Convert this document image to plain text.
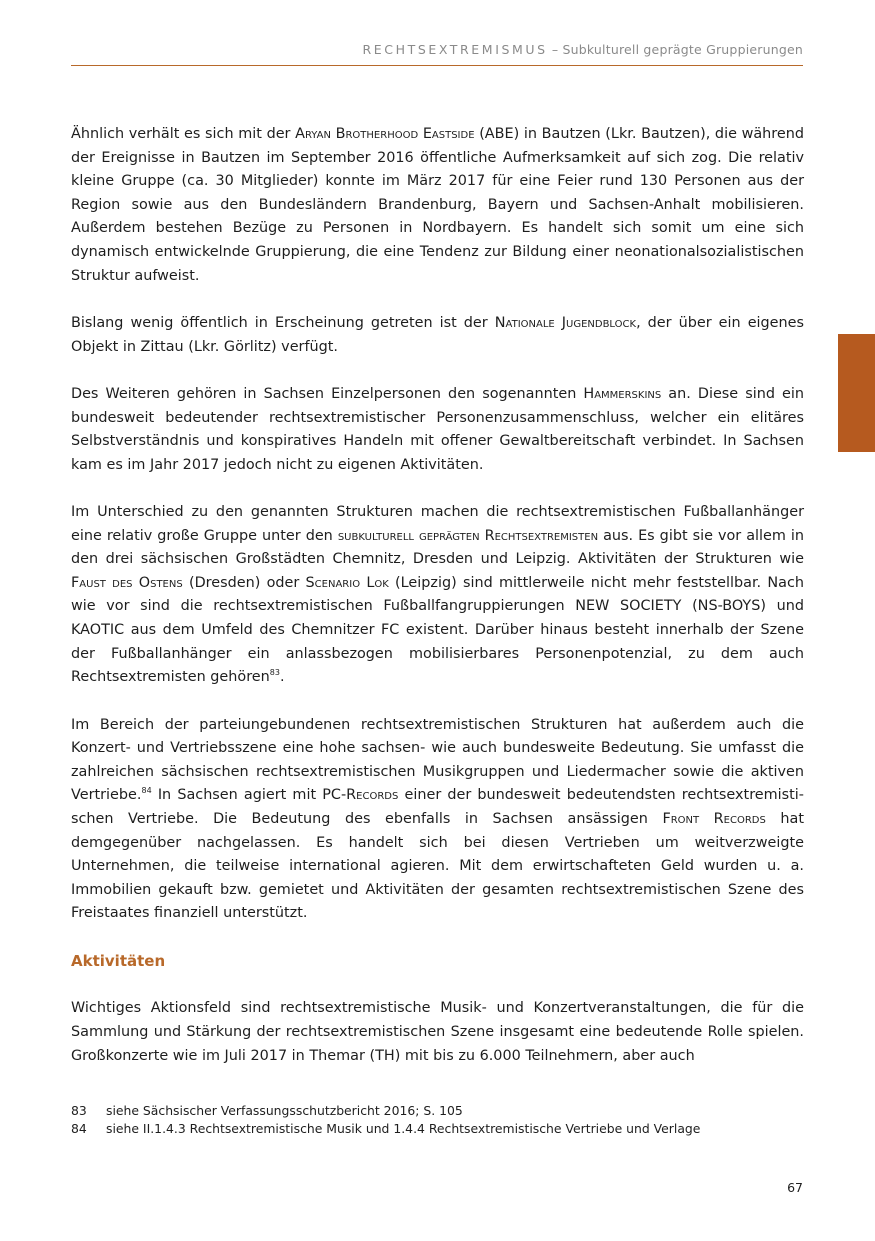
RECHTSEXTREMISMUS – Subkulturell geprägte Gruppierungen

Ähnlich verhält es sich mit der Aryan Brotherhood Eastside (ABE) in Bautzen (Lkr. Bautzen), die während der Ereignisse in Bautzen im September 2016 öffentliche Aufmerksamkeit auf sich zog. Die relativ kleine Gruppe (ca. 30 Mitglieder) konnte im März 2017 für eine Feier rund 130 Personen aus der Region sowie aus den Bundesländern Brandenburg, Bayern und Sachsen-Anhalt mobilisieren. Außerdem bestehen Bezüge zu Personen in Nordbayern. Es handelt sich somit um eine sich dynamisch entwickelnde Gruppierung, die eine Tendenz zur Bildung einer neonationalsozialistischen Struktur aufweist.

Bislang wenig öffentlich in Erscheinung getreten ist der Nationale Jugendblock, der über ein eigenes Objekt in Zittau (Lkr. Görlitz) verfügt.

Des Weiteren gehören in Sachsen Einzelpersonen den sogenannten Hammerskins an. Diese sind ein bundesweit bedeutender rechtsextremistischer Personenzusammenschluss, welcher ein elitäres Selbstverständnis und konspiratives Handeln mit offener Gewaltbereitschaft verbindet. In Sachsen kam es im Jahr 2017 jedoch nicht zu eigenen Aktivitäten.

Im Unterschied zu den genannten Strukturen machen die rechtsextremistischen Fußballanhänger eine relativ große Gruppe unter den subkulturell geprägten Rechtsextremisten aus. Es gibt sie vor allem in den drei sächsischen Großstädten Chemnitz, Dresden und Leipzig. Aktivitäten der Strukturen wie Faust des Ostens (Dresden) oder Scenario Lok (Leipzig) sind mittlerweile nicht mehr feststellbar. Nach wie vor sind die rechtsextremistischen Fußballfangruppierungen NEW SOCIETY (NS-BOYS) und KAOTIC aus dem Umfeld des Chemnitzer FC existent. Darüber hinaus besteht innerhalb der Szene der Fußballanhänger ein anlassbezogen mobilisierbares Personenpotenzial, zu dem auch Rechtsextremisten gehören$^{83}$.

Im Bereich der parteiungebundenen rechtsextremistischen Strukturen hat außerdem auch die Konzert- und Vertriebsszene eine hohe sachsen- wie auch bundesweite Bedeutung. Sie umfasst die zahlreichen sächsischen rechtsextremistischen Musikgruppen und Liedermacher sowie die aktiven Vertriebe.$^{84}$ In Sachsen agiert mit PC-Records einer der bundesweit bedeutendsten rechtsextremistischen Vertriebe. Die Bedeutung des ebenfalls in Sachsen ansässigen Front Records hat demgegenüber nachgelassen. Es handelt sich bei diesen Vertrieben um weitverzweigte Unternehmen, die teilweise international agieren. Mit dem erwirtschafteten Geld wurden u. a. Immobilien gekauft bzw. gemietet und Aktivitäten der gesamten rechtsextremistischen Szene des Freistaates finanziell unterstützt.

Aktivitäten

Wichtiges Aktionsfeld sind rechtsextremistische Musik- und Konzertveranstaltungen, die für die Sammlung und Stärkung der rechtsextremistischen Szene insgesamt eine bedeutende Rolle spielen. Großkonzerte wie im Juli 2017 in Themar (TH) mit bis zu 6.000 Teilnehmern, aber auch

83	siehe Sächsischer Verfassungsschutzbericht 2016; S. 105
84	siehe II.1.4.3 Rechtsextremistische Musik und 1.4.4 Rechtsextremistische Vertriebe und Verlage
67
